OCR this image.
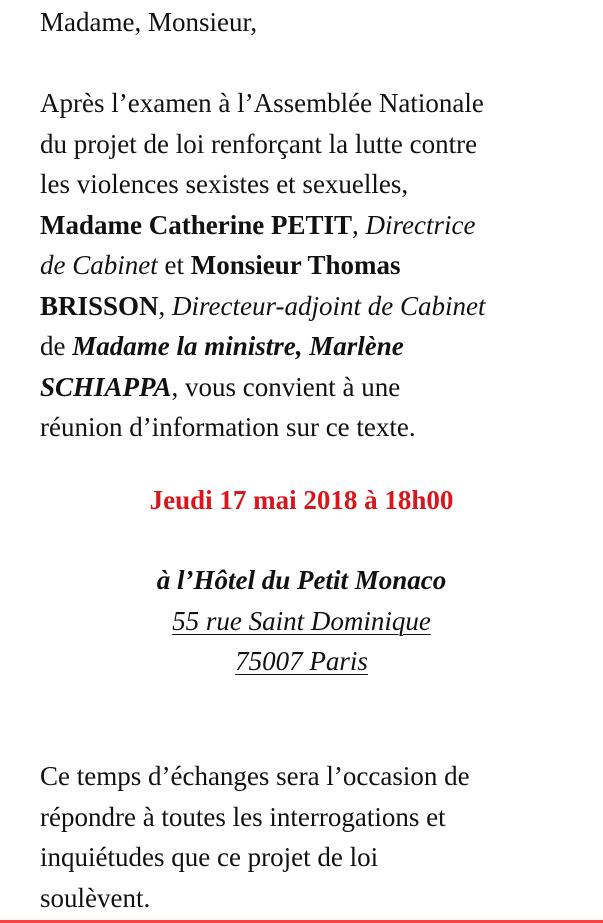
Madame, Monsieur,

Après l’examen à l’Assemblée Nationale
du projet de loi renforçant la lutte contre
les violences sexistes et sexuelles,
Madame Catherine PETIT, Directrice
de Cabinet et Monsieur Thomas
BRISSON, Directeur-adjoint de Cabinet
de Madame la ministre, Marlène
SCHIAPPA, vous convient à une
réunion d’information sur ce texte.

Jeudi 17 mai 2018 à 18h00
à l’Hôtel du Petit Monaco
55 rue Saint Dominique
75007 Paris

Ce temps d’échanges sera l’occasion de
répondre à toutes les interrogations et
inquiétudes que ce projet de loi
soulèvent.
